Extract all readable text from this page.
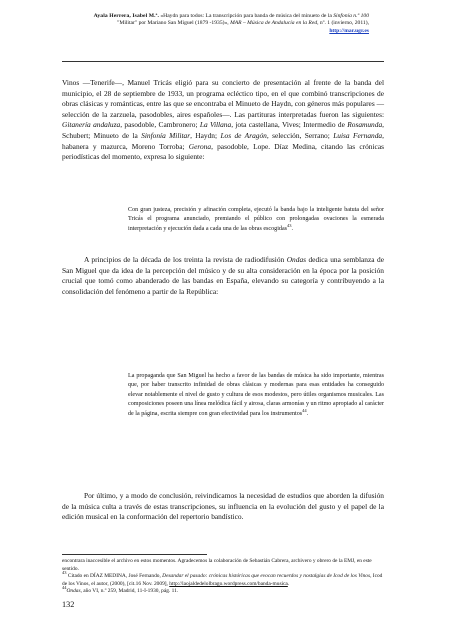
Ayala Herrera, Isabel M.ª. «Haydn para todos: La transcripción para banda de música del minueto de la Sinfonía n.º 100 "Militar" por Mariano San Miguel (1879 -1935)», MAR – Música de Andalucía en la Red, nº. 1 (invierno, 2011), http://mar.ugr.es

Vinos —Tenerife—, Manuel Tricás eligió para su concierto de presentación al frente de la banda del municipio, el 28 de septiembre de 1933, un programa ecléctico tipo, en el que combinó transcripciones de obras clásicas y románticas, entre las que se encontraba el Minueto de Haydn, con géneros más populares —selección de la zarzuela, pasodobles, aires españoles—. Las partituras interpretadas fueron las siguientes: Gitanería andaluza, pasodoble, Cambronero; La Villana, jota castellana, Vives; Intermedio de Rosamunda, Schubert; Minueto de la Sinfonía Militar, Haydn; Los de Aragón, selección, Serrano; Luisa Fernanda, habanera y mazurca, Moreno Torroba; Gerona, pasodoble, Lope. Díaz Medina, citando las crónicas periodísticas del momento, expresa lo siguiente:

Con gran justeza, precisión y afinación completa, ejecutó la banda bajo la inteligente batuta del señor Tricás el programa anunciado, premiando el público con prolongadas ovaciones la esmerada interpretación y ejecución dada a cada una de las obras escogidas$^{43}$.

A principios de la década de los treinta la revista de radiodifusión Ondas dedica una semblanza de San Miguel que da idea de la percepción del músico y de su alta consideración en la época por la posición crucial que tomó como abanderado de las bandas en España, elevando su categoría y contribuyendo a la consolidación del fenómeno a partir de la República:

La propaganda que San Miguel ha hecho a favor de las bandas de música ha sido importante, mientras que, por haber transcrito infinidad de obras clásicas y modernas para esas entidades ha conseguido elevar notablemente el nivel de gusto y cultura de esos modestos, pero útiles organismos musicales. Las composiciones poseen una línea melódica fácil y airosa, claras armonías y un ritmo apropiado al carácter de la página, escrita siempre con gran efectividad para los instrumentos$^{44}$.

Por último, y a modo de conclusión, reivindicamos la necesidad de estudios que aborden la difusión de la música culta a través de estas transcripciones, su influencia en la evolución del gusto y el papel de la edición musical en la conformación del repertorio bandístico.

encontrara inaccesible el archivo en estos momentos. Agradecemos la colaboración de Sebastián Cabrera, archivero y obrero de la EMJ, en este sentido.

$^{43}$ Citado en DÍAZ MEDINA, José Fernando, Desandar el pasado: crónicas históricas que evocan recuerdos y nostalgias de Icod de los Vinos, Icod de los Vinos, el autor, (2000), [cit.16 Nov. 2009], http://laojaldedelolbrago.wordpress.com/banda-musica.

$^{44}$Ondas, año VI, n.º 259, Madrid, 11-I-1930, pág. 11.

132
